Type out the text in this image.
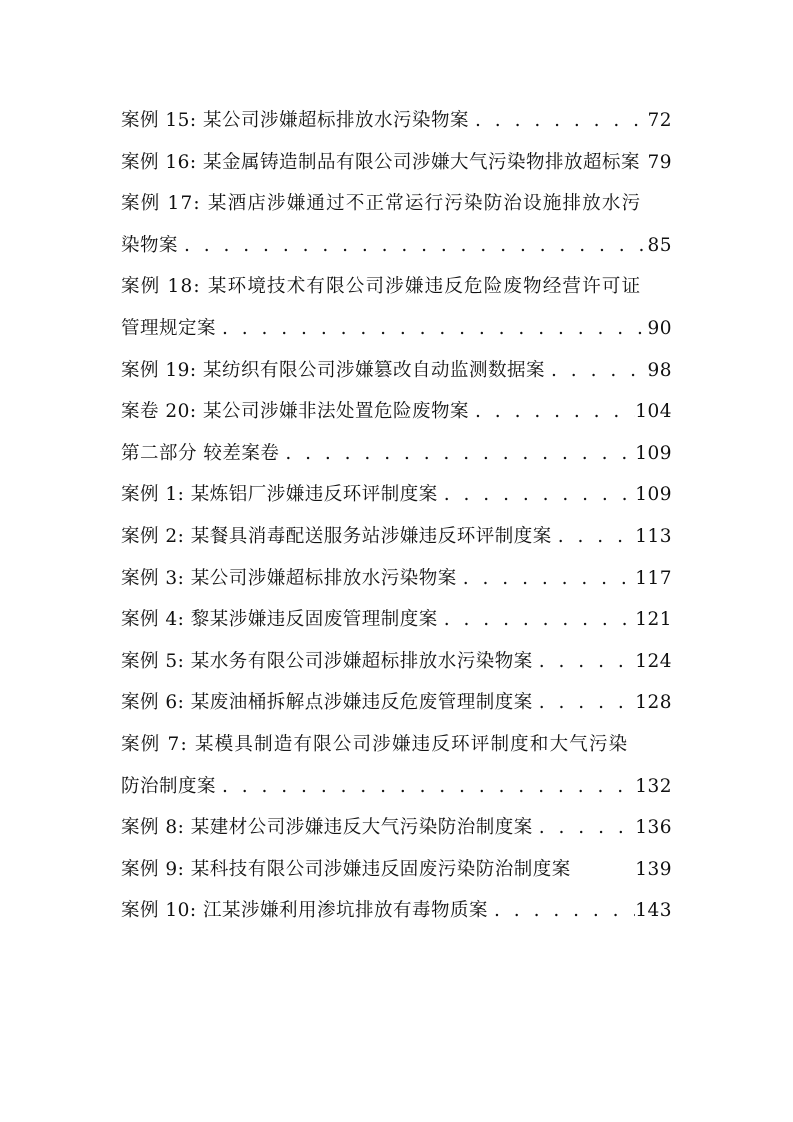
案例 15: 某公司涉嫌超标排放水污染物案 . . .	72
案例 16: 某金属铸造制品有限公司涉嫌大气污染物排放超标案 79
案例 17: 某酒店涉嫌通过不正常运行污染防治设施排放水污
染物案 . . .	85
案例 18: 某环境技术有限公司涉嫌违反危险废物经营许可证
管理规定案 . . .	90
案例 19: 某纺织有限公司涉嫌篡改自动监测数据案 . . .	98
案卷 20: 某公司涉嫌非法处置危险废物案 . . .	104
第二部分 较差案卷 . . .	109
案例 1: 某炼铝厂涉嫌违反环评制度案 . . .	109
案例 2: 某餐具消毒配送服务站涉嫌违反环评制度案 . . .	113
案例 3: 某公司涉嫌超标排放水污染物案 . . .	117
案例 4: 黎某涉嫌违反固废管理制度案 . . .	121
案例 5: 某水务有限公司涉嫌超标排放水污染物案 . . .	124
案例 6: 某废油桶拆解点涉嫌违反危废管理制度案 . . .	128
案例 7: 某模具制造有限公司涉嫌违反环评制度和大气污染
防治制度案 . . .	132
案例 8: 某建材公司涉嫌违反大气污染防治制度案 . . .	136
案例 9: 某科技有限公司涉嫌违反固废污染防治制度案	139
案例 10: 江某涉嫌利用渗坑排放有毒物质案 . . .	143
